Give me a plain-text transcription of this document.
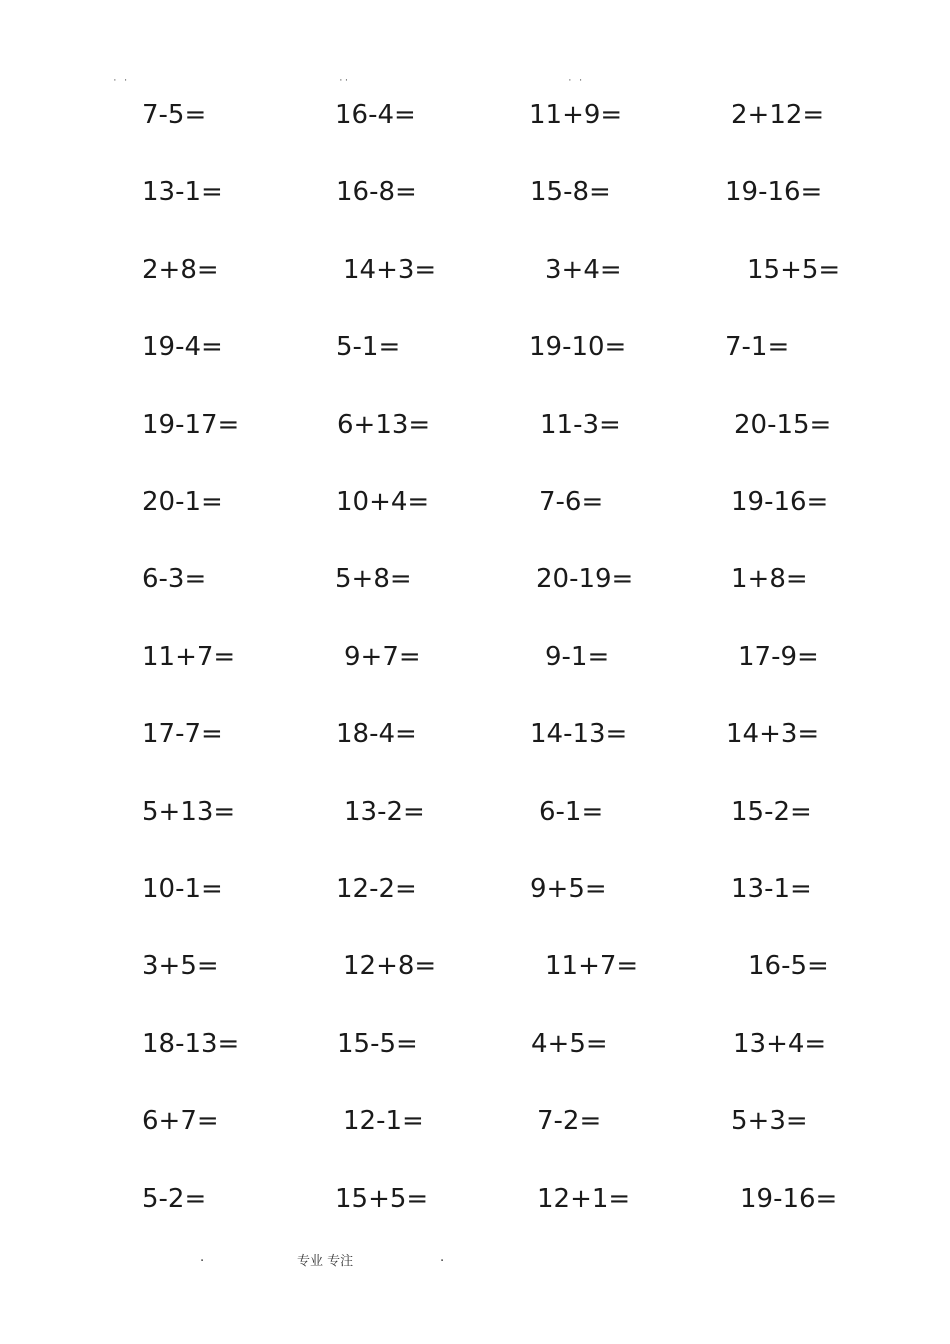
· ·	··	· ·
7-5=	16-4=	11+9=	2+12=
13-1=	16-8=	15-8=	19-16=
2+8=	14+3=	3+4=	15+5=
19-4=	5-1=	19-10=	7-1=
19-17=	6+13=	11-3=	20-15=
20-1=	10+4=	7-6=	19-16=
6-3=	5+8=	20-19=	1+8=
11+7=	9+7=	9-1=	17-9=
17-7=	18-4=	14-13=	14+3=
5+13=	13-2=	6-1=	15-2=
10-1=	12-2=	9+5=	13-1=
3+5=	12+8=	11+7=	16-5=
18-13=	15-5=	4+5=	13+4=
6+7=	12-1=	7-2=	5+3=
5-2=	15+5=	12+1=	19-16=
.	专业 专注	.
